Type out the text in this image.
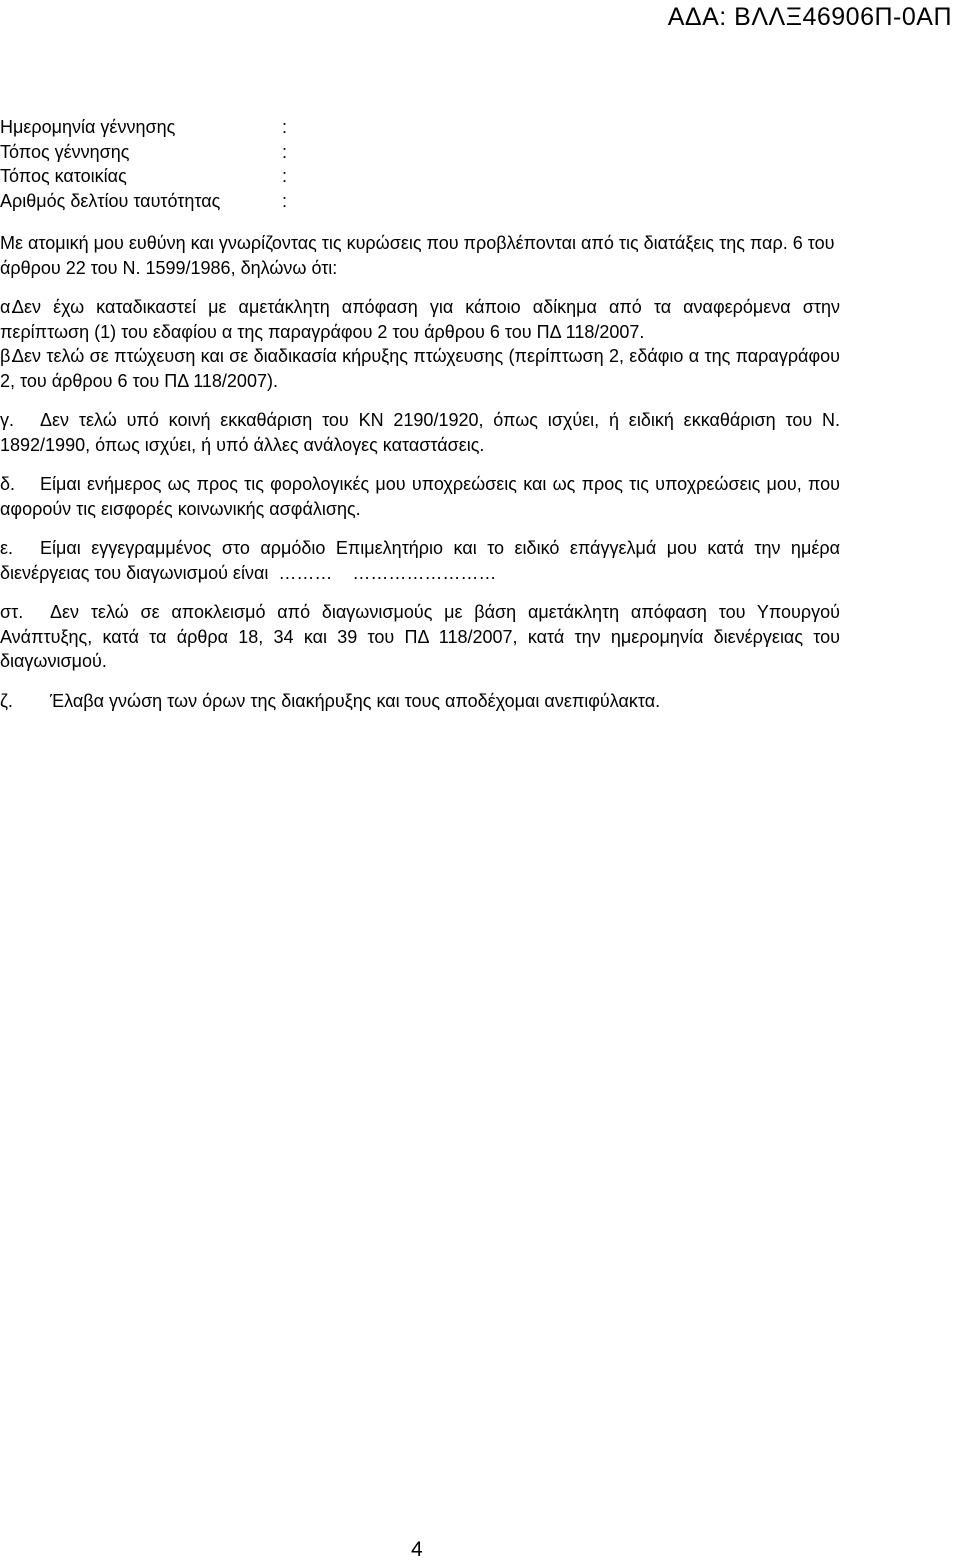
ΑΔΑ: ΒΛΛΞ46906Π-0ΑΠ
Ημερομηνία γέννησης	:
Τόπος γέννησης	:
Τόπος κατοικίας	:
Αριθμός δελτίου ταυτότητας	:

Με ατομική μου ευθύνη και γνωρίζοντας τις κυρώσεις που προβλέπονται από τις διατάξεις της παρ. 6 του άρθρου 22 του Ν. 1599/1986, δηλώνω ότι:

α.Δεν έχω καταδικαστεί με αμετάκλητη απόφαση για κάποιο αδίκημα από τα αναφερόμενα στην περίπτωση (1) του εδαφίου α της παραγράφου 2 του άρθρου 6 του ΠΔ 118/2007.
β.Δεν τελώ σε πτώχευση και σε διαδικασία κήρυξης πτώχευσης (περίπτωση 2, εδάφιο α της παραγράφου 2, του άρθρου 6 του ΠΔ 118/2007).
γ. Δεν τελώ υπό κοινή εκκαθάριση του ΚΝ 2190/1920, όπως ισχύει, ή ειδική εκκαθάριση του Ν. 1892/1990, όπως ισχύει, ή υπό άλλες ανάλογες καταστάσεις.
δ. Είμαι ενήμερος ως προς τις φορολογικές μου υποχρεώσεις και ως προς τις υποχρεώσεις μου, που αφορούν τις εισφορές κοινωνικής ασφάλισης.
ε. Είμαι εγγεγραμμένος στο αρμόδιο Επιμελητήριο και το ειδικό επάγγελμά μου κατά την ημέρα διενέργειας του διαγωνισμού είναι  ………    ……………………
στ. Δεν τελώ σε αποκλεισμό από διαγωνισμούς με βάση αμετάκλητη απόφαση του Υπουργού Ανάπτυξης, κατά τα άρθρα 18, 34 και 39 του ΠΔ 118/2007, κατά την ημερομηνία διενέργειας του διαγωνισμού.
ζ. Έλαβα γνώση των όρων της διακήρυξης και τους αποδέχομαι ανεπιφύλακτα.
4
